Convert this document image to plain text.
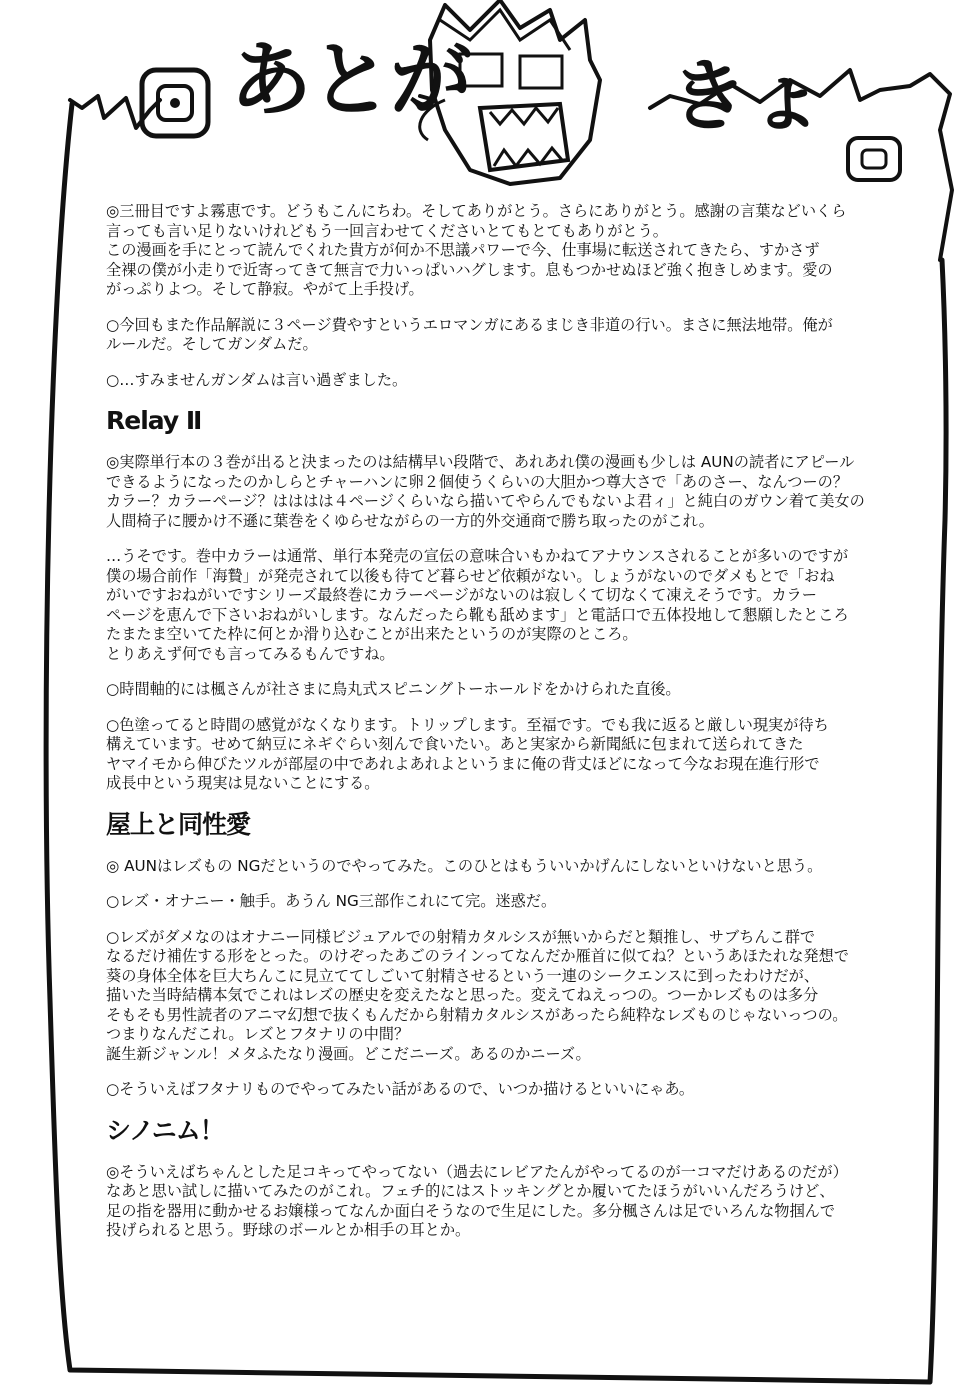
あとが	きょ

◎三冊目ですよ霧恵です。どうもこんにちわ。そしてありがとう。さらにありがとう。感謝の言葉などいくら
言っても言い足りないけれどもう一回言わせてくださいとてもとてもありがとう。
この漫画を手にとって読んでくれた貴方が何か不思議パワーで今、仕事場に転送されてきたら、すかさず
全裸の僕が小走りで近寄ってきて無言で力いっぱいハグします。息もつかせぬほど強く抱きしめます。愛の
がっぷりよつ。そして静寂。やがて上手投げ。

○今回もまた作品解説に３ページ費やすというエロマンガにあるまじき非道の行い。まさに無法地帯。俺が
ルールだ。そしてガンダムだ。

○…すみませんガンダムは言い過ぎました。

Relay Ⅱ

◎実際単行本の３巻が出ると決まったのは結構早い段階で、あれあれ僕の漫画も少しは AUNの読者にアピール
できるようになったのかしらとチャーハンに卵２個使うくらいの大胆かつ尊大さで「あのさー、なんつーの？
カラー？カラーページ？はははは４ページくらいなら描いてやらんでもないよ君ィ」と純白のガウン着て美女の
人間椅子に腰かけ不遜に葉巻をくゆらせながらの一方的外交通商で勝ち取ったのがこれ。

…うそです。巻中カラーは通常、単行本発売の宣伝の意味合いもかねてアナウンスされることが多いのですが
僕の場合前作「海贄」が発売されて以後も待てど暮らせど依頼がない。しょうがないのでダメもとで「おね
がいですおねがいですシリーズ最終巻にカラーページがないのは寂しくて切なくて凍えそうです。カラー
ページを恵んで下さいおねがいします。なんだったら靴も舐めます」と電話口で五体投地して懇願したところ
たまたま空いてた枠に何とか滑り込むことが出来たというのが実際のところ。
とりあえず何でも言ってみるもんですね。

○時間軸的には楓さんが社さまに鳥丸式スピニングトーホールドをかけられた直後。

○色塗ってると時間の感覚がなくなります。トリップします。至福です。でも我に返ると厳しい現実が待ち
構えています。せめて納豆にネギぐらい刻んで食いたい。あと実家から新聞紙に包まれて送られてきた
ヤマイモから伸びたツルが部屋の中であれよあれよというまに俺の背丈ほどになって今なお現在進行形で
成長中という現実は見ないことにする。

屋上と同性愛

◎ AUNはレズもの NGだというのでやってみた。このひとはもういいかげんにしないといけないと思う。

○レズ・オナニー・触手。あうん NG三部作これにて完。迷惑だ。

○レズがダメなのはオナニー同様ビジュアルでの射精カタルシスが無いからだと類推し、サブちんこ群で
なるだけ補佐する形をとった。のけぞったあごのラインってなんだか雁首に似てね？というあほたれな発想で
葵の身体全体を巨大ちんこに見立ててしごいて射精させるという一連のシークエンスに到ったわけだが、
描いた当時結構本気でこれはレズの歴史を変えたなと思った。変えてねえっつの。つーかレズものは多分
そもそも男性読者のアニマ幻想で抜くもんだから射精カタルシスがあったら純粋なレズものじゃないっつの。
つまりなんだこれ。レズとフタナリの中間？
誕生新ジャンル！メタふたなり漫画。どこだニーズ。あるのかニーズ。

○そういえばフタナリものでやってみたい話があるので、いつか描けるといいにゃあ。

シノニム！

◎そういえばちゃんとした足コキってやってない（過去にレビアたんがやってるのが一コマだけあるのだが）
なあと思い試しに描いてみたのがこれ。フェチ的にはストッキングとか履いてたほうがいいんだろうけど、
足の指を器用に動かせるお嬢様ってなんか面白そうなので生足にした。多分楓さんは足でいろんな物掴んで
投げられると思う。野球のボールとか相手の耳とか。
